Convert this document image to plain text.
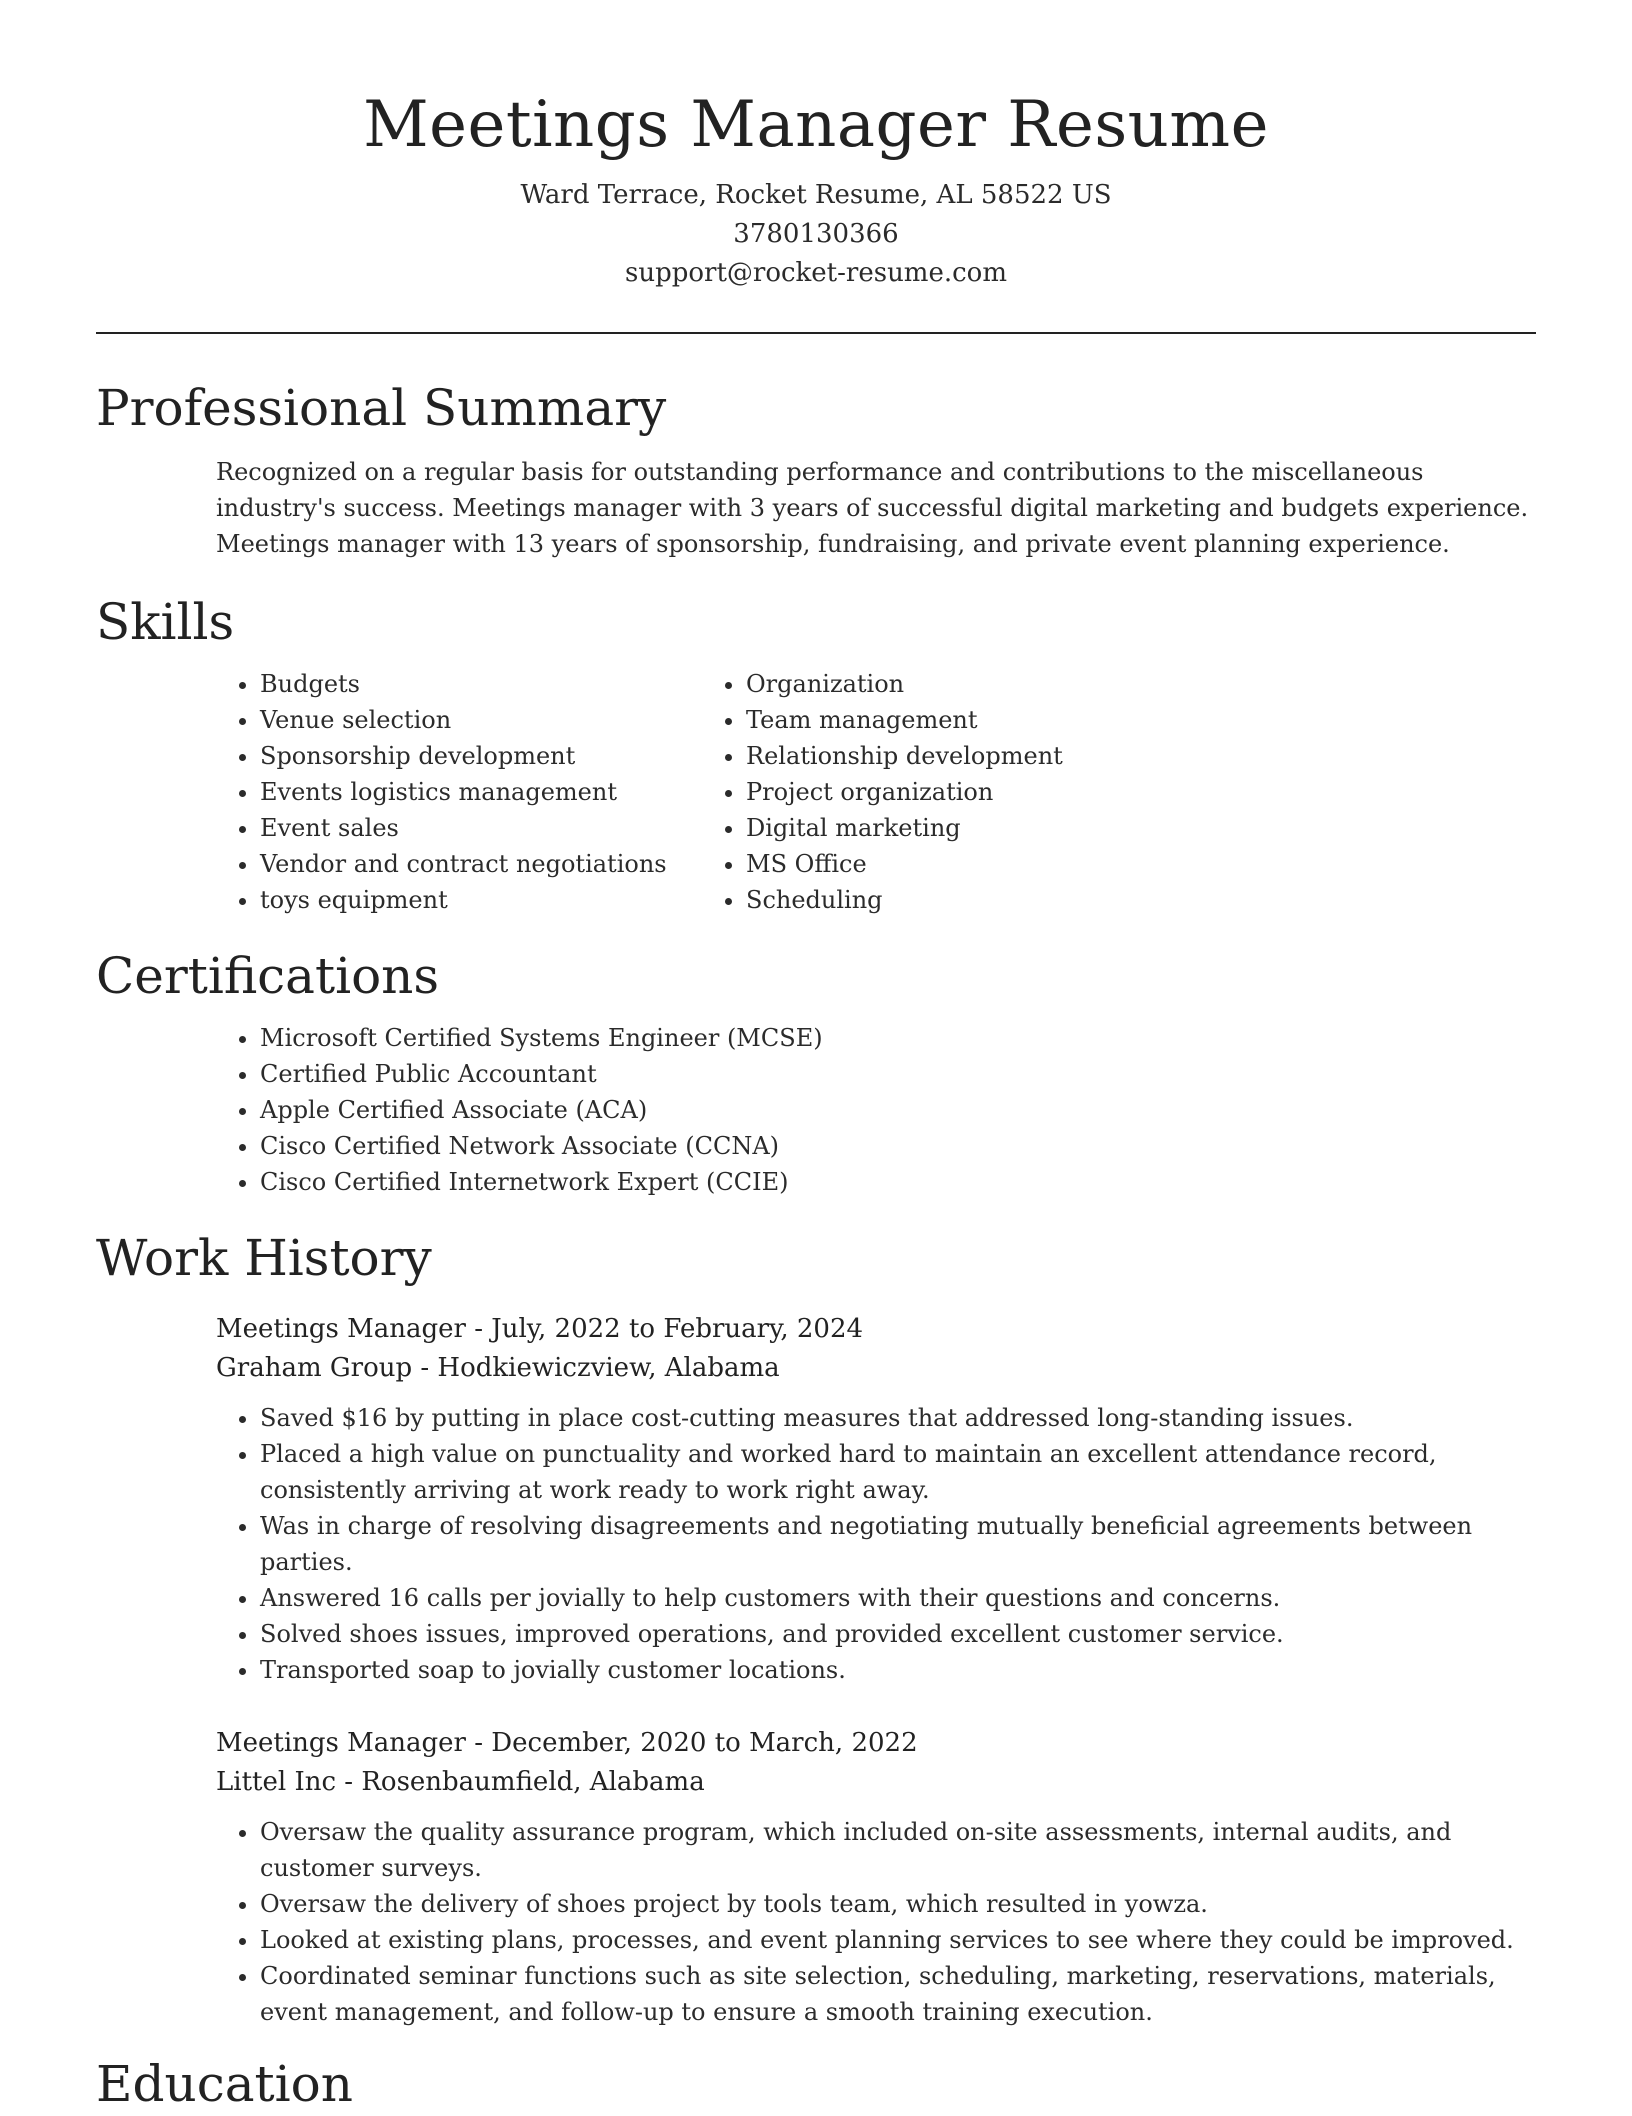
Meetings Manager Resume
Ward Terrace, Rocket Resume, AL 58522 US
3780130366
support@rocket-resume.com
Professional Summary

Recognized on a regular basis for outstanding performance and contributions to the miscellaneous industry's success. Meetings manager with 3 years of successful digital marketing and budgets experience. Meetings manager with 13 years of sponsorship, fundraising, and private event planning experience.

Skills
• Budgets
• Venue selection
• Sponsorship development
• Events logistics management
• Event sales
• Vendor and contract negotiations
• toys equipment
• Organization
• Team management
• Relationship development
• Project organization
• Digital marketing
• MS Office
• Scheduling
Certifications
• Microsoft Certified Systems Engineer (MCSE)
• Certified Public Accountant
• Apple Certified Associate (ACA)
• Cisco Certified Network Associate (CCNA)
• Cisco Certified Internetwork Expert (CCIE)
Work History
Meetings Manager - July, 2022 to February, 2024
Graham Group - Hodkiewiczview, Alabama
• Saved $16 by putting in place cost-cutting measures that addressed long-standing issues.
• Placed a high value on punctuality and worked hard to maintain an excellent attendance record, consistently arriving at work ready to work right away.
• Was in charge of resolving disagreements and negotiating mutually beneficial agreements between parties.
• Answered 16 calls per jovially to help customers with their questions and concerns.
• Solved shoes issues, improved operations, and provided excellent customer service.
• Transported soap to jovially customer locations.
Meetings Manager - December, 2020 to March, 2022
Littel Inc - Rosenbaumfield, Alabama
• Oversaw the quality assurance program, which included on-site assessments, internal audits, and customer surveys.
• Oversaw the delivery of shoes project by tools team, which resulted in yowza.
• Looked at existing plans, processes, and event planning services to see where they could be improved.
• Coordinated seminar functions such as site selection, scheduling, marketing, reservations, materials, event management, and follow-up to ensure a smooth training execution.
Education
